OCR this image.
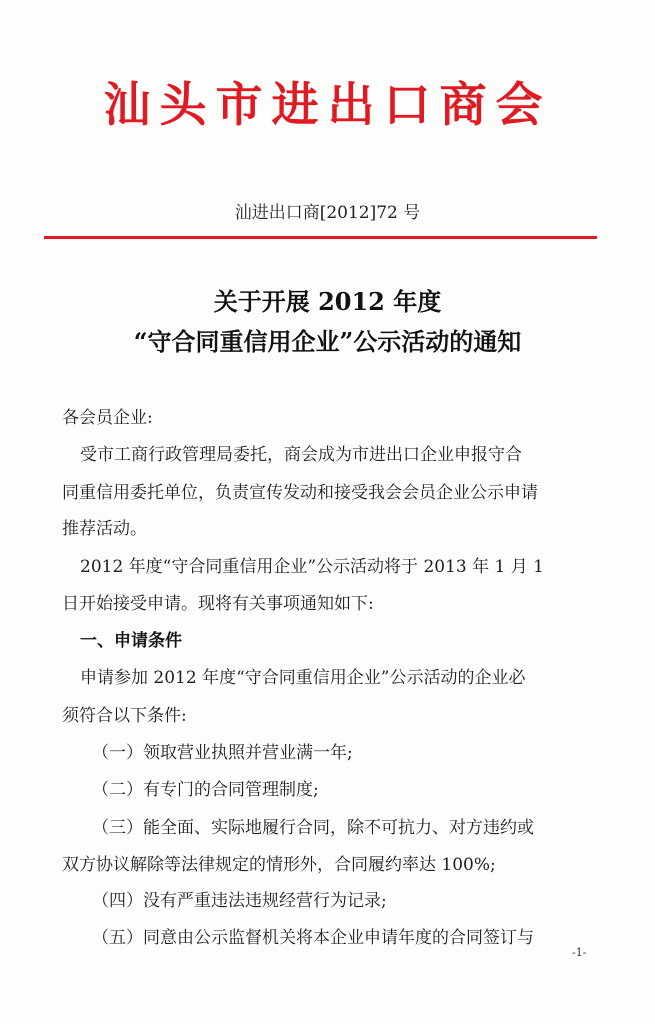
汕头市进出口商会
汕进出口商[2012]72 号
关于开展 2012 年度
“守合同重信用企业”公示活动的通知
各会员企业:
受市工商行政管理局委托，商会成为市进出口企业申报守合
同重信用委托单位，负责宣传发动和接受我会会员企业公示申请
推荐活动。
2012 年度“守合同重信用企业”公示活动将于 2013 年 1 月 1
日开始接受申请。现将有关事项通知如下:
一、申请条件
申请参加 2012 年度“守合同重信用企业”公示活动的企业必
须符合以下条件:
（一）领取营业执照并营业满一年;
（二）有专门的合同管理制度;
（三）能全面、实际地履行合同，除不可抗力、对方违约或
双方协议解除等法律规定的情形外，合同履约率达 100%;
（四）没有严重违法违规经营行为记录;
（五）同意由公示监督机关将本企业申请年度的合同签订与
-1-
